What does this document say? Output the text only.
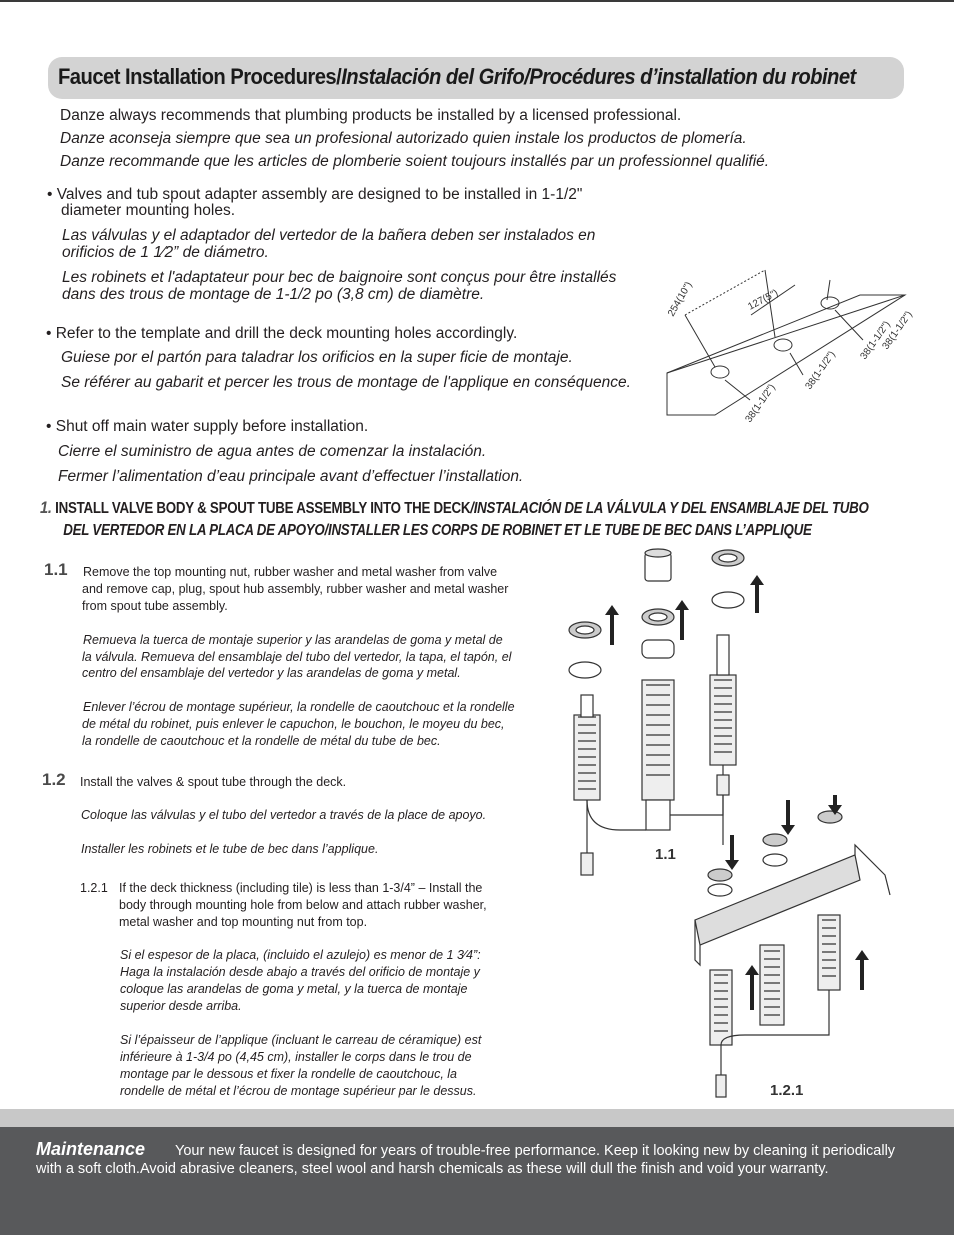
Faucet Installation Procedures/Instalación del Grifo/Procédures d’installation du robinet
Danze always recommends that plumbing products be installed by a licensed professional.
Danze aconseja siempre que sea un profesional autorizado quien instale los productos de plomería.
Danze recommande que les articles de plomberie soient toujours installés par un professionnel qualifié.
• Valves and tub spout adapter assembly are designed to be installed in 1-1/2"
diameter mounting holes.
Las válvulas y el adaptador del vertedor de la bañera deben ser instalados en
orificios de 1 1⁄2” de diámetro.
Les robinets et l'adaptateur pour bec de baignoire sont conçus pour être installés
dans des trous de montage de 1-1/2 po (3,8 cm) de diamètre.
• Refer to the template and drill the deck mounting holes accordingly.
Guiese por el partón para taladrar los orificios en la super ficie de montaje.
Se référer au gabarit et percer les trous de montage de l'applique en conséquence.
• Shut off main water supply before installation.
Cierre el suministro de agua antes de comenzar la instalación.
Fermer l’alimentation d’eau principale avant d’effectuer l’installation.
254(10")	127(5")
38(1-1/2")
38(1-1/2")
38(1-1/2")
38(1-1/2")
1. INSTALL VALVE BODY & SPOUT TUBE ASSEMBLY INTO THE DECK/INSTALACIÓN DE LA VÁLVULA Y DEL ENSAMBLAJE DEL TUBO
DEL VERTEDOR EN LA PLACA DE APOYO/INSTALLER LES CORPS DE ROBINET ET LE TUBE DE BEC DANS L’APPLIQUE
1.1 Remove the top mounting nut, rubber washer and metal washer from valve
and remove cap, plug, spout hub assembly, rubber washer and metal washer
from spout tube assembly.
Remueva la tuerca de montaje superior y las arandelas de goma y metal de
la válvula. Remueva del ensamblaje del tubo del vertedor, la tapa, el tapón, el
centro del ensamblaje del vertedor y las arandelas de goma y metal.
Enlever l’écrou de montage supérieur, la rondelle de caoutchouc et la rondelle
de métal du robinet, puis enlever le capuchon, le bouchon, le moyeu du bec,
la rondelle de caoutchouc et la rondelle de métal du tube de bec.
1.2 Install the valves & spout tube through the deck.
Coloque las válvulas y el tubo del vertedor a través de la place de apoyo.
Installer les robinets et le tube de bec dans l’applique.
1.2.1 If the deck thickness (including tile) is less than 1-3/4” – Install the
body through mounting hole from below and attach rubber washer,
metal washer and top mounting nut from top.
Si el espesor de la placa, (incluido el azulejo) es menor de 1 3⁄4”:
Haga la instalación desde abajo a través del orificio de montaje y
coloque las arandelas de goma y metal, y la tuerca de montaje
superior desde arriba.
Si l’épaisseur de l’applique (incluant le carreau de céramique) est
inférieure à 1-3/4 po (4,45 cm), installer le corps dans le trou de
montage par le dessous et fixer la rondelle de caoutchouc, la
rondelle de métal et l’écrou de montage supérieur par le dessus.
1.1
1.2.1
Maintenance Your new faucet is designed for years of trouble-free performance. Keep it looking new by cleaning it periodically
with a soft cloth.Avoid abrasive cleaners, steel wool and harsh chemicals as these will dull the finish and void your warranty.
